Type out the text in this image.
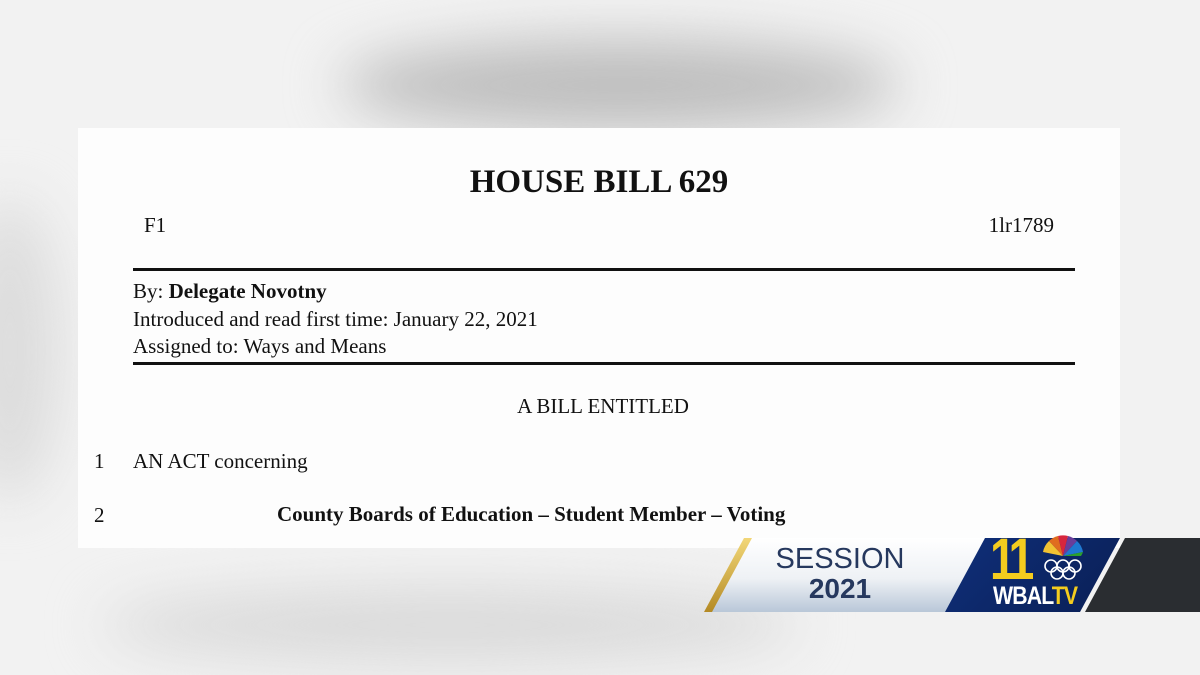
HOUSE BILL 629
F1	1lr1789
By: Delegate Novotny
Introduced and read first time: January 22, 2021
Assigned to: Ways and Means
A BILL ENTITLED
1 AN ACT concerning
2	County Boards of Education – Student Member – Voting
SESSION
2021	11
WBALTV
